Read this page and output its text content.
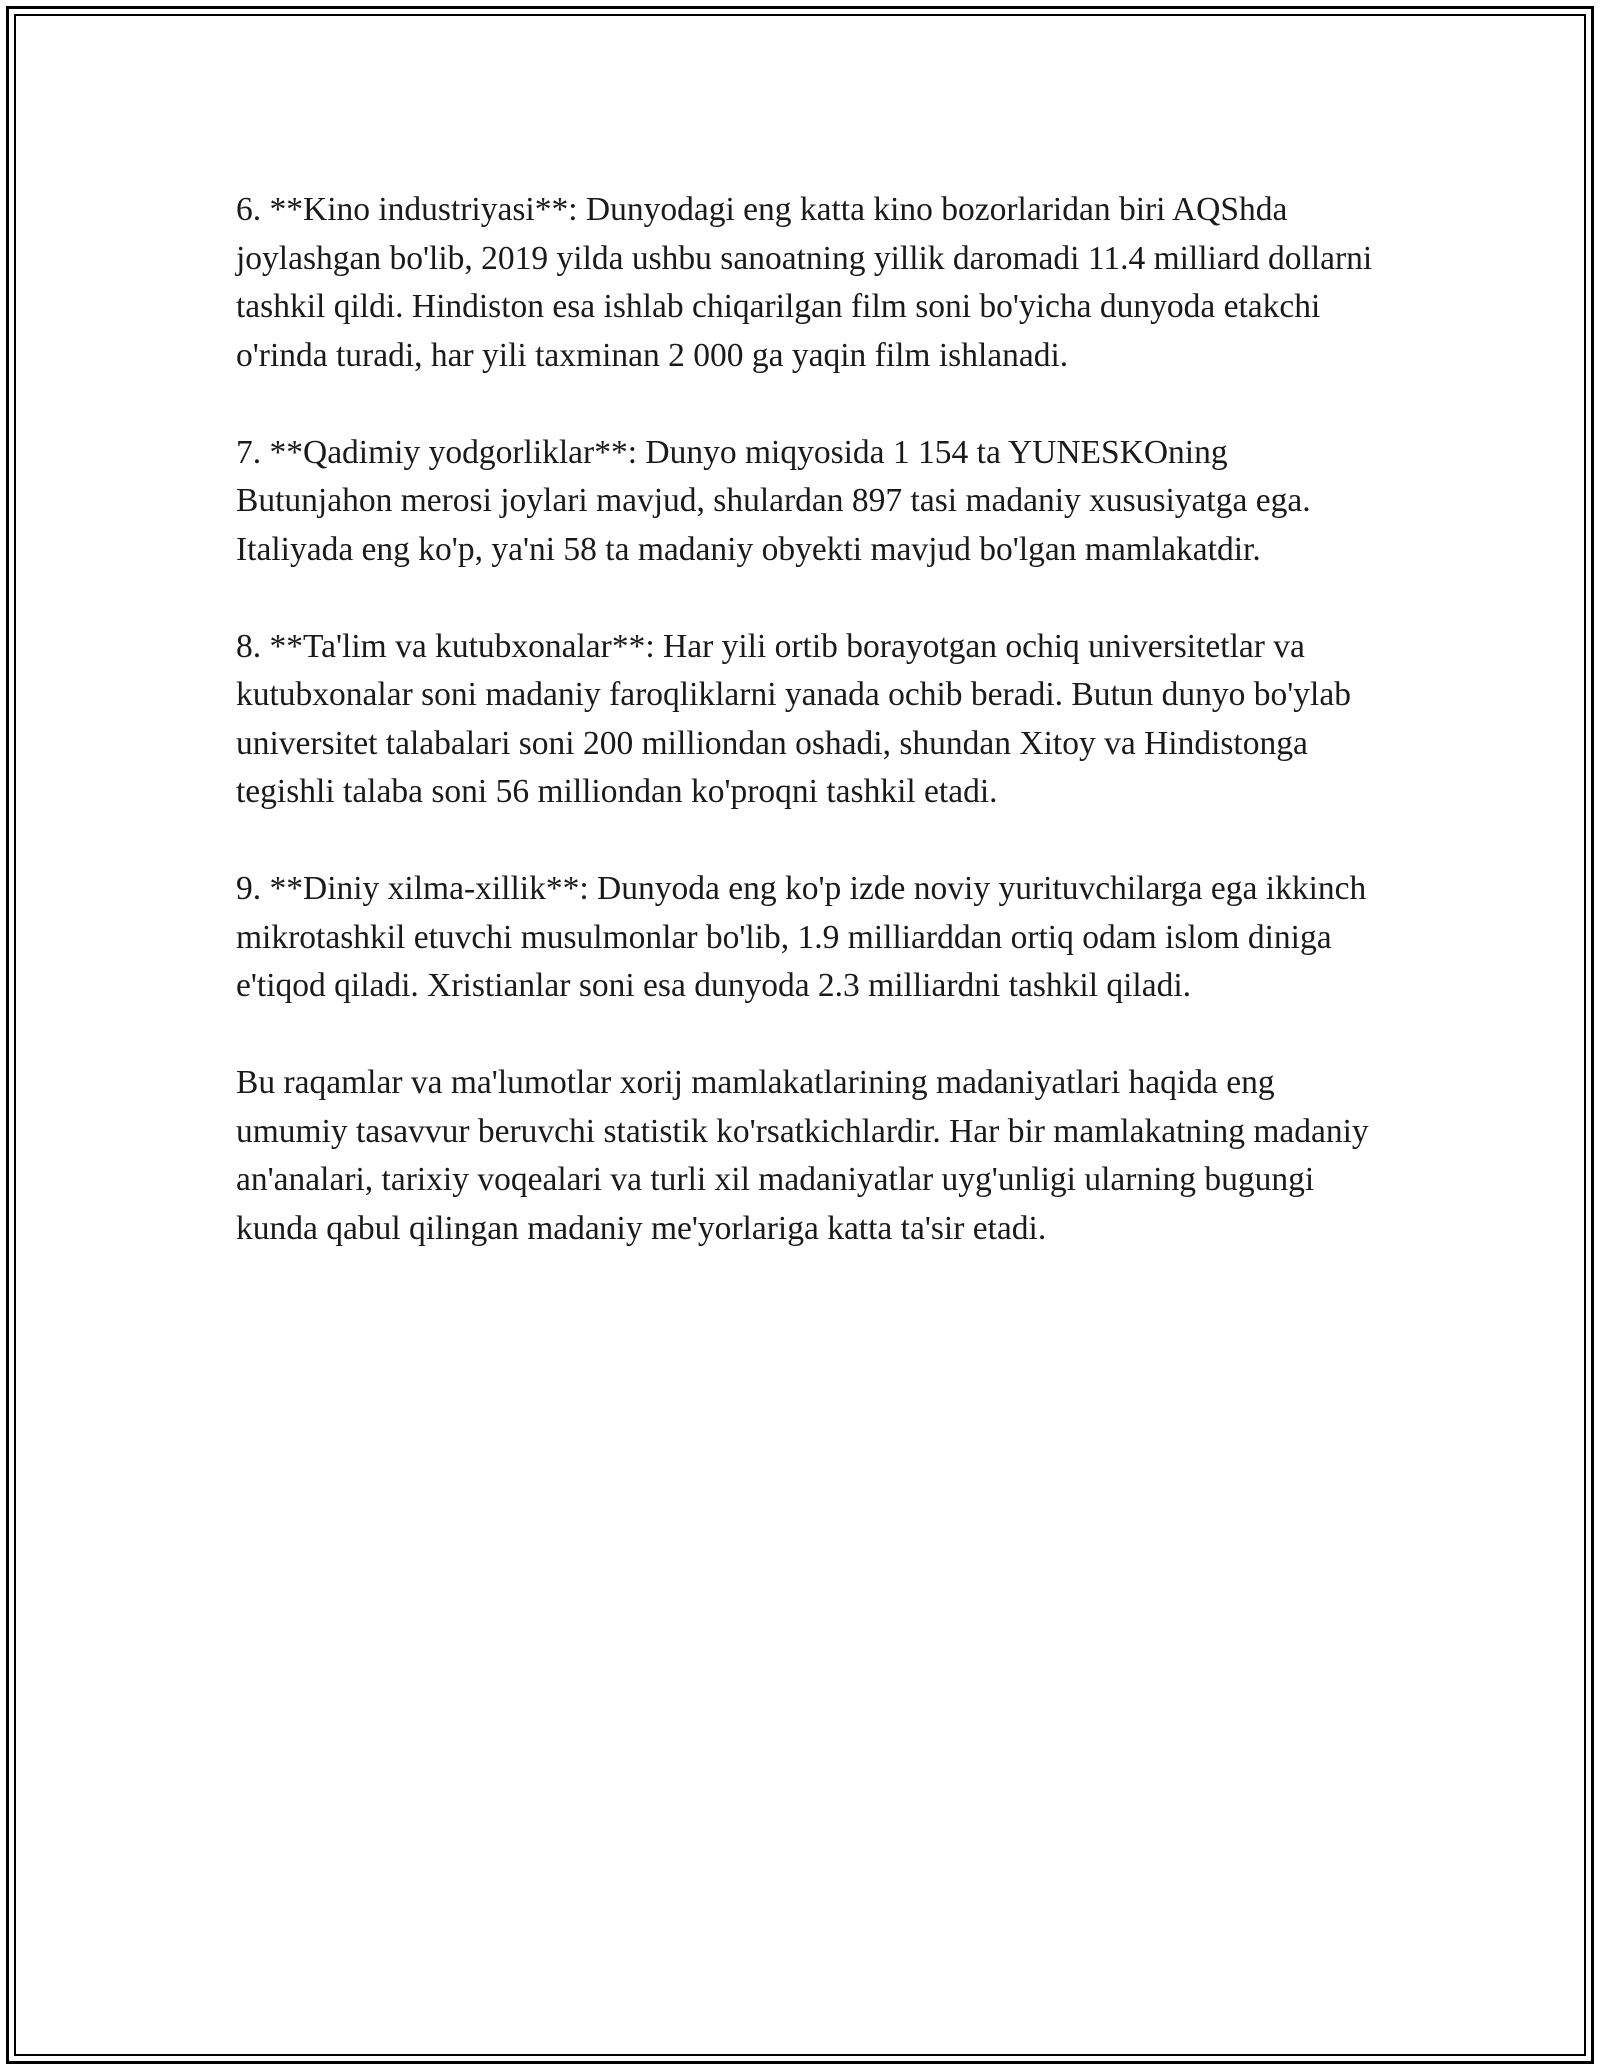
6. **Kino industriyasi**: Dunyodagi eng katta kino bozorlaridan biri AQShda joylashgan bo'lib, 2019 yilda ushbu sanoatning yillik daromadi 11.4 milliard dollarni tashkil qildi. Hindiston esa ishlab chiqarilgan film soni bo'yicha dunyoda etakchi o'rinda turadi, har yili taxminan 2 000 ga yaqin film ishlanadi.

7. **Qadimiy yodgorliklar**: Dunyo miqyosida 1 154 ta YUNESKOning Butunjahon merosi joylari mavjud, shulardan 897 tasi madaniy xususiyatga ega. Italiyada eng ko'p, ya'ni 58 ta madaniy obyekti mavjud bo'lgan mamlakatdir.

8. **Ta'lim va kutubxonalar**: Har yili ortib borayotgan ochiq universitetlar va kutubxonalar soni madaniy faroqliklarni yanada ochib beradi. Butun dunyo bo'ylab universitet talabalari soni 200 milliondan oshadi, shundan Xitoy va Hindistonga tegishli talaba soni 56 milliondan ko'proqni tashkil etadi.

9. **Diniy xilma-xillik**: Dunyoda eng ko'p izde noviy yurituvchilarga ega ikkinch mikrotashkil etuvchi musulmonlar bo'lib, 1.9 milliarddan ortiq odam islom diniga e'tiqod qiladi. Xristianlar soni esa dunyoda 2.3 milliardni tashkil qiladi.

Bu raqamlar va ma'lumotlar xorij mamlakatlarining madaniyatlari haqida eng umumiy tasavvur beruvchi statistik ko'rsatkichlardir. Har bir mamlakatning madaniy an'analari, tarixiy voqealari va turli xil madaniyatlar uyg'unligi ularning bugungi kunda qabul qilingan madaniy me'yorlariga katta ta'sir etadi.
